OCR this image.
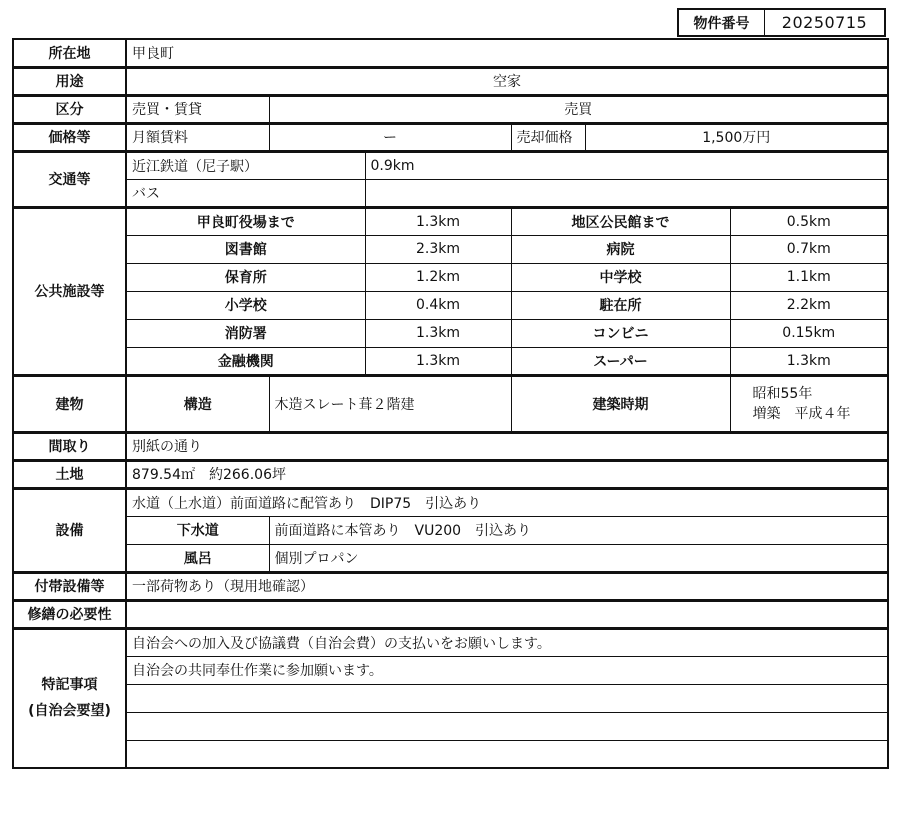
物件番号	20250715
所在地	甲良町					
用途	空家					
区分	売買・賃貸	売買				
価格等	月額賃料	ー		売却価格	1,500万円	
交通等	近江鉄道（尼子駅）		0.9km			
	バス					
公共施設等	甲良町役場まで		1.3km	地区公民館まで		0.5km
	図書館		2.3km	病院		0.7km
	保育所		1.2km	中学校		1.1km
	小学校		0.4km	駐在所		2.2km
	消防署		1.3km	コンビニ		0.15km
	金融機関		1.3km	スーパー		1.3km
建物	構造	木造スレート葺２階建		建築時期		昭和55年
増築　平成４年

間取り	別紙の通り					
土地	879.54㎡　約266.06坪					
設備	水道（上水道）前面道路に配管あり　DIP75　引込あり					
	下水道	前面道路に本管あり　VU200　引込あり				
	風呂	個別プロパン				
付帯設備等	一部荷物あり（現用地確認）					
修繕の必要性						

特記事項
(自治会要望)	自治会への加入及び協議費（自治会費）の支払いをお願いします。					
	自治会の共同奉仕作業に参加願います。					
